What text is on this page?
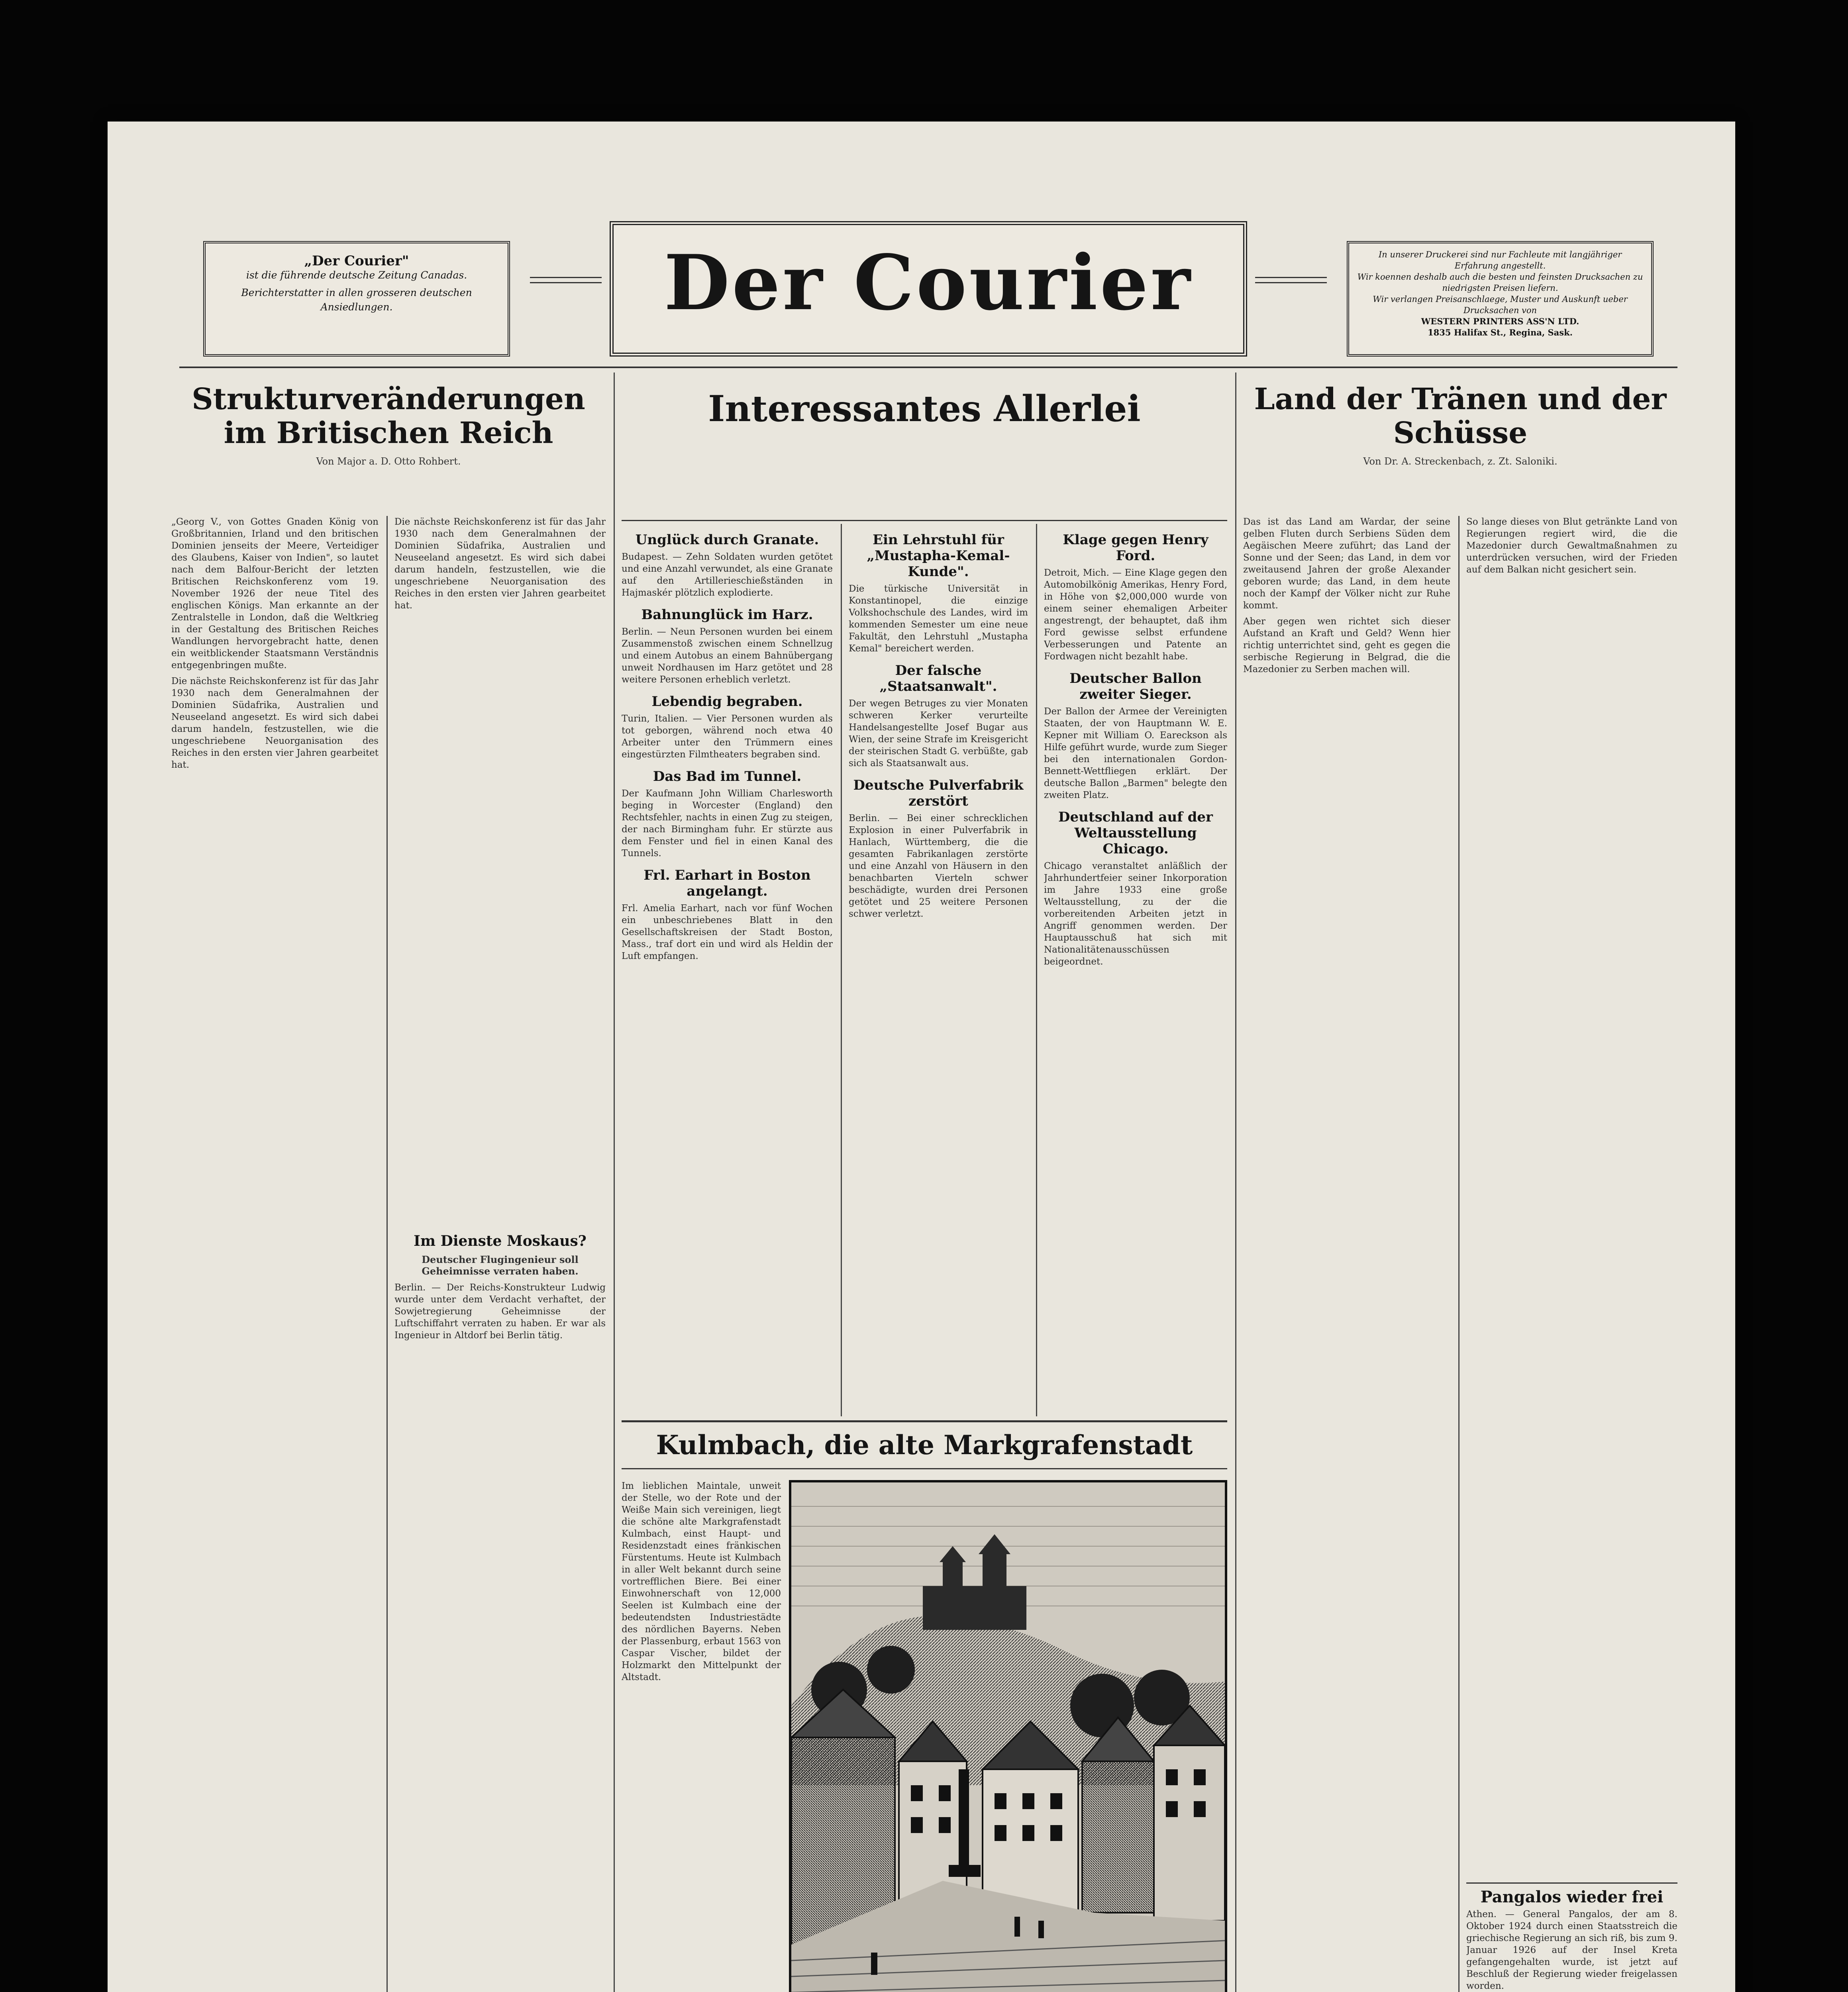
„Der Courier"
ist die führende deutsche Zeitung Canadas.
Berichterstatter in allen grosseren deutschen Ansiedlungen.	Der Courier	In unserer Druckerei sind nur Fachleute mit langjähriger Erfahrung angestellt.
Wir koennen deshalb auch die besten und feinsten Drucksachen zu niedrigsten Preisen liefern.
Wir verlangen Preisanschlaege, Muster und Auskunft ueber Drucksachen von
WESTERN PRINTERS ASS'N LTD.
1835 Halifax St., Regina, Sask.
Strukturveränderungen im Britischen Reich
Von Major a. D. Otto Rohbert.

„Georg V., von Gottes Gnaden König von Großbritannien, Irland und den britischen Dominien jenseits der Meere, Verteidiger des Glaubens, Kaiser von Indien", so lautet nach dem Balfour-Bericht der letzten Britischen Reichskonferenz vom 19. November 1926 der neue Titel des englischen Königs. Man erkannte an der Zentralstelle in London, daß die Weltkrieg in der Gestaltung des Britischen Reiches Wandlungen hervorgebracht hatte, denen ein weitblickender Staatsmann Verständnis entgegenbringen mußte.

Die nächste Reichskonferenz ist für das Jahr 1930 nach dem Generalmahnen der Dominien Südafrika, Australien und Neuseeland angesetzt. Es wird sich dabei darum handeln, festzustellen, wie die ungeschriebene Neuorganisation des Reiches in den ersten vier Jahren gearbeitet hat.

Die nächste Reichskonferenz ist für das Jahr 1930 nach dem Generalmahnen der Dominien Südafrika, Australien und Neuseeland angesetzt. Es wird sich dabei darum handeln, festzustellen, wie die ungeschriebene Neuorganisation des Reiches in den ersten vier Jahren gearbeitet hat.

Im Dienste Moskaus?
Deutscher Flugingenieur soll Geheimnisse verraten haben.
Berlin. — Der Reichs-Konstrukteur Ludwig wurde unter dem Verdacht verhaftet, der Sowjetregierung Geheimnisse der Luftschiffahrt verraten zu haben. Er war als Ingenieur in Altdorf bei Berlin tätig.
Interessantes Allerlei
Unglück durch Granate.
Budapest. — Zehn Soldaten wurden getötet und eine Anzahl verwundet, als eine Granate auf den Artillerieschießständen in Hajmaskér plötzlich explodierte.
Bahnunglück im Harz.
Berlin. — Neun Personen wurden bei einem Zusammenstoß zwischen einem Schnellzug und einem Autobus an einem Bahnübergang unweit Nordhausen im Harz getötet und 28 weitere Personen erheblich verletzt.
Lebendig begraben.
Turin, Italien. — Vier Personen wurden als tot geborgen, während noch etwa 40 Arbeiter unter den Trümmern eines eingestürzten Filmtheaters begraben sind.
Das Bad im Tunnel.
Der Kaufmann John William Charlesworth beging in Worcester (England) den Rechtsfehler, nachts in einen Zug zu steigen, der nach Birmingham fuhr. Er stürzte aus dem Fenster und fiel in einen Kanal des Tunnels.
Frl. Earhart in Boston angelangt.
Frl. Amelia Earhart, nach vor fünf Wochen ein unbeschriebenes Blatt in den Gesellschaftskreisen der Stadt Boston, Mass., traf dort ein und wird als Heldin der Luft empfangen.
Ein Lehrstuhl für „Mustapha-Kemal-Kunde".
Die türkische Universität in Konstantinopel, die einzige Volkshochschule des Landes, wird im kommenden Semester um eine neue Fakultät, den Lehrstuhl „Mustapha Kemal" bereichert werden.
Der falsche „Staatsanwalt".
Der wegen Betruges zu vier Monaten schweren Kerker verurteilte Handelsangestellte Josef Bugar aus Wien, der seine Strafe im Kreisgericht der steirischen Stadt G. verbüßte, gab sich als Staatsanwalt aus.
Deutsche Pulverfabrik zerstört
Berlin. — Bei einer schrecklichen Explosion in einer Pulverfabrik in Hanlach, Württemberg, die die gesamten Fabrikanlagen zerstörte und eine Anzahl von Häusern in den benachbarten Vierteln schwer beschädigte, wurden drei Personen getötet und 25 weitere Personen schwer verletzt.
Klage gegen Henry Ford.
Detroit, Mich. — Eine Klage gegen den Automobilkönig Amerikas, Henry Ford, in Höhe von $2,000,000 wurde von einem seiner ehemaligen Arbeiter angestrengt, der behauptet, daß ihm Ford gewisse selbst erfundene Verbesserungen und Patente an Fordwagen nicht bezahlt habe.
Deutscher Ballon zweiter Sieger.
Der Ballon der Armee der Vereinigten Staaten, der von Hauptmann W. E. Kepner mit William O. Eareckson als Hilfe geführt wurde, wurde zum Sieger bei den internationalen Gordon-Bennett-Wettfliegen erklärt. Der deutsche Ballon „Barmen" belegte den zweiten Platz.
Deutschland auf der Weltausstellung Chicago.
Chicago veranstaltet anläßlich der Jahrhundertfeier seiner Inkorporation im Jahre 1933 eine große Weltausstellung, zu der die vorbereitenden Arbeiten jetzt in Angriff genommen werden. Der Hauptausschuß hat sich mit Nationalitätenausschüssen beigeordnet.
Kulmbach, die alte Markgrafenstadt
Im lieblichen Maintale, unweit der Stelle, wo der Rote und der Weiße Main sich vereinigen, liegt die schöne alte Markgrafenstadt Kulmbach, einst Haupt- und Residenzstadt eines fränkischen Fürstentums. Heute ist Kulmbach in aller Welt bekannt durch seine vortrefflichen Biere. Bei einer Einwohnerschaft von 12,000 Seelen ist Kulmbach eine der bedeutendsten Industriestädte des nördlichen Bayerns. Neben der Plassenburg, erbaut 1563 von Caspar Vischer, bildet der Holzmarkt den Mittelpunkt der Altstadt.
Land der Tränen und der Schüsse
Von Dr. A. Streckenbach, z. Zt. Saloniki.

Das ist das Land am Wardar, der seine gelben Fluten durch Serbiens Süden dem Aegäischen Meere zuführt; das Land der Sonne und der Seen; das Land, in dem vor zweitausend Jahren der große Alexander geboren wurde; das Land, in dem heute noch der Kampf der Völker nicht zur Ruhe kommt.

Aber gegen wen richtet sich dieser Aufstand an Kraft und Geld? Wenn hier richtig unterrichtet sind, geht es gegen die serbische Regierung in Belgrad, die die Mazedonier zu Serben machen will.

So lange dieses von Blut getränkte Land von Regierungen regiert wird, die die Mazedonier durch Gewaltmaßnahmen zu unterdrücken versuchen, wird der Frieden auf dem Balkan nicht gesichert sein.

Pangalos wieder frei
Athen. — General Pangalos, der am 8. Oktober 1924 durch einen Staatsstreich die griechische Regierung an sich riß, bis zum 9. Januar 1926 auf der Insel Kreta gefangengehalten wurde, ist jetzt auf Beschluß der Regierung wieder freigelassen worden.
